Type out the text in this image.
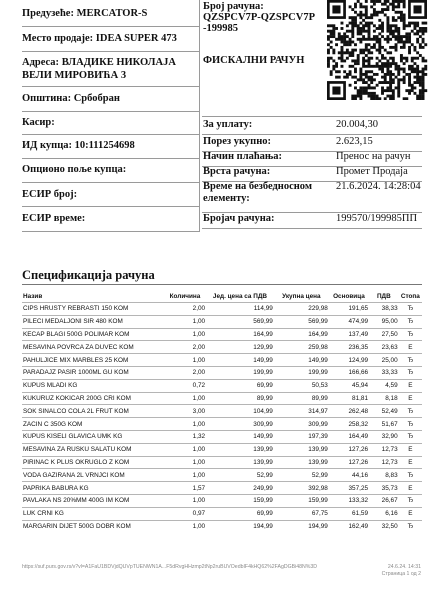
Предузеће: MERCATOR-S
Место продаје: IDEA SUPER 473
Адреса: ВЛАДИКЕ НИКОЛАЈА ВЕЛИ МИРОВИЋА 3
Општина: Србобран
Касир:
ИД купца: 10:111254698
Опционо поље купца:
ЕСИР број:
ЕСИР време:
Број рачуна:
QZSPCV7P-QZSPCV7P-199985
ФИСКАЛНИ РАЧУН
За уплату:	20.004,30
Порез укупно:	2.623,15
Начин плаћања:	Пренос на рачун
Врста рачуна:	Промет Продаја
Време на безбедносном елементу:
21.6.2024. 14:28:04
Бројач рачуна:	199570/199985ПП
Спецификација рачуна
Назив	Количина	Јед. цена са ПДВ	Укупна цена	Основица	ПДВ	Стопа
CIPS HRUSTY REBRASTI 150 KOM	2,00	114,99	229,98	191,65	38,33	Ђ
PILECI MEDALJONI SIR 480 KOM	1,00	569,99	569,99	474,99	95,00	Ђ
KECAP BLAGI 500G POLIMAR KOM	1,00	164,99	164,99	137,49	27,50	Ђ
MESAVINA POVRCA ZA DUVEC KOM	2,00	129,99	259,98	236,35	23,63	Е
PAHULJICE MIX MARBLES 25 KOM	1,00	149,99	149,99	124,99	25,00	Ђ
PARADAJZ PASIR 1000ML GU KOM	2,00	199,99	199,99	166,66	33,33	Ђ
KUPUS MLADI KG	0,72	69,99	50,53	45,94	4,59	Е
KUKURUZ KOKICAR 200G CRI KOM	1,00	89,99	89,99	81,81	8,18	Е
SOK SINALCO COLA 2L FRUT KOM	3,00	104,99	314,97	262,48	52,49	Ђ
ZACIN C 350G KOM	1,00	309,99	309,99	258,32	51,67	Ђ
KUPUS KISELI GLAVICA UMK KG	1,32	149,99	197,39	164,49	32,90	Ђ
MESAVINA ZA RUSKU SALATU KOM	1,00	139,99	139,99	127,26	12,73	Е
PIRINAC K PLUS OKRUGLO Z KOM	1,00	139,99	139,99	127,26	12,73	Е
VODA GAZIRANA 2L VRNJCI KOM	1,00	52,99	52,99	44,16	8,83	Ђ
PAPRIKA BABURA KG	1,57	249,99	392,98	357,25	35,73	Е
PAVLAKA NS 20%MM 400G IM KOM	1,00	159,99	159,99	133,32	26,67	Ђ
LUK CRNI KG	0,97	69,99	67,75	61,59	6,16	Е
MARGARIN DIJET 500G DOBR KOM	1,00	194,99	194,99	162,49	32,50	Ђ
https://suf.purs.gov.rs/v?vl=A1FaU1BDVjdQUVpTUENWN1A...F5dRvgHHzmp2tNp2ruBUVOedbIF4kHQ62%2FAgDGBi48N%3D	24.6.24. 14:31
Страница 1 од 2
